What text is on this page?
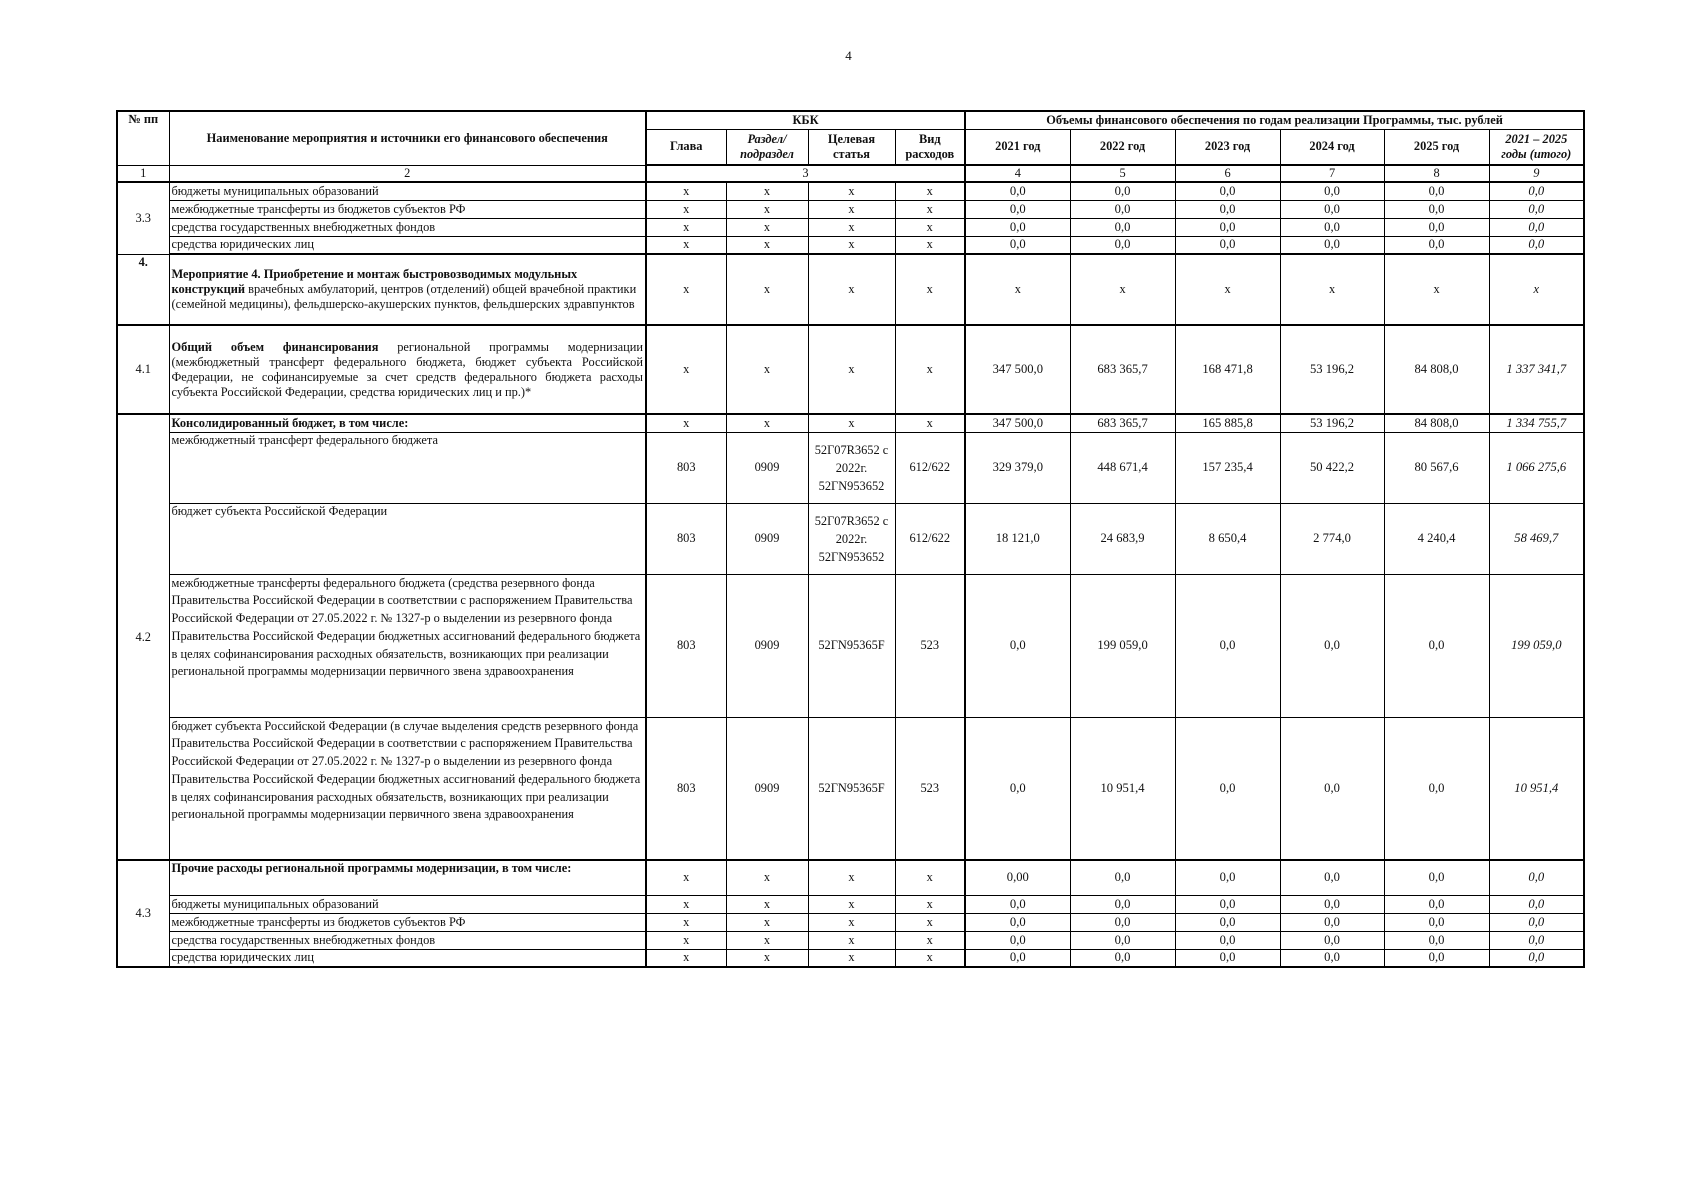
4
№ пп	Наименование мероприятия и источники его финансового обеспечения	КБК				Объемы финансового обеспечения по годам реализации Программы, тыс. рублей					
		Глава	Раздел/ подраздел	Целевая статья	Вид расходов	2021 год	2022 год	2023 год	2024 год	2025 год	2021 – 2025 годы (итого)
1	2	3				4	5	6	7	8	9
3.3	бюджеты муниципальных образований	х	х	х	х	0,0	0,0	0,0	0,0	0,0	0,0
	межбюджетные трансферты из бюджетов субъектов РФ	х	х	х	х	0,0	0,0	0,0	0,0	0,0	0,0
	средства государственных внебюджетных фондов	х	х	х	х	0,0	0,0	0,0	0,0	0,0	0,0
	средства юридических лиц	х	х	х	х	0,0	0,0	0,0	0,0	0,0	0,0
4.	Мероприятие 4. Приобретение и монтаж быстровозводимых модульных конструкций врачебных амбулаторий, центров (отделений) общей врачебной практики (семейной медицины), фельдшерско-акушерских пунктов, фельдшерских здравпунктов	х	х	х	х	х	х	х	х	х	х
4.1	Общий объем финансирования региональной программы модернизации (межбюджетный трансферт федерального бюджета, бюджет субъекта Российской Федерации, не софинансируемые за счет средств федерального бюджета расходы субъекта Российской Федерации, средства юридических лиц и пр.)*	х	х	х	х	347 500,0	683 365,7	168 471,8	53 196,2	84 808,0	1 337 341,7
4.2	Консолидированный бюджет, в том числе:	х	х	х	х	347 500,0	683 365,7	165 885,8	53 196,2	84 808,0	1 334 755,7
	межбюджетный трансферт федерального бюджета	803	0909	52Г07R3652 с 2022г. 52ГN953652	612/622	329 379,0	448 671,4	157 235,4	50 422,2	80 567,6	1 066 275,6
	бюджет субъекта Российской Федерации	803	0909	52Г07R3652 с 2022г. 52ГN953652	612/622	18 121,0	24 683,9	8 650,4	2 774,0	4 240,4	58 469,7
	межбюджетные трансферты федерального бюджета (средства резервного фонда Правительства Российской Федерации в соответствии с распоряжением Правительства Российской Федерации от 27.05.2022 г. № 1327-р о выделении из резервного фонда Правительства Российской Федерации бюджетных ассигнований федерального бюджета в целях софинансирования расходных обязательств, возникающих при реализации региональной программы модернизации первичного звена здравоохранения	803	0909	52ГN95365F	523	0,0	199 059,0	0,0	0,0	0,0	199 059,0
	бюджет субъекта Российской Федерации (в случае выделения средств резервного фонда Правительства Российской Федерации в соответствии с распоряжением Правительства Российской Федерации от 27.05.2022 г. № 1327-р о выделении из резервного фонда Правительства Российской Федерации бюджетных ассигнований федерального бюджета в целях софинансирования расходных обязательств, возникающих при реализации региональной программы модернизации первичного звена здравоохранения	803	0909	52ГN95365F	523	0,0	10 951,4	0,0	0,0	0,0	10 951,4
4.3	Прочие расходы региональной программы модернизации, в том числе:	х	х	х	х	0,00	0,0	0,0	0,0	0,0	0,0
	бюджеты муниципальных образований	х	х	х	х	0,0	0,0	0,0	0,0	0,0	0,0
	межбюджетные трансферты из бюджетов субъектов РФ	х	х	х	х	0,0	0,0	0,0	0,0	0,0	0,0
	средства государственных внебюджетных фондов	х	х	х	х	0,0	0,0	0,0	0,0	0,0	0,0
	средства юридических лиц	х	х	х	х	0,0	0,0	0,0	0,0	0,0	0,0
